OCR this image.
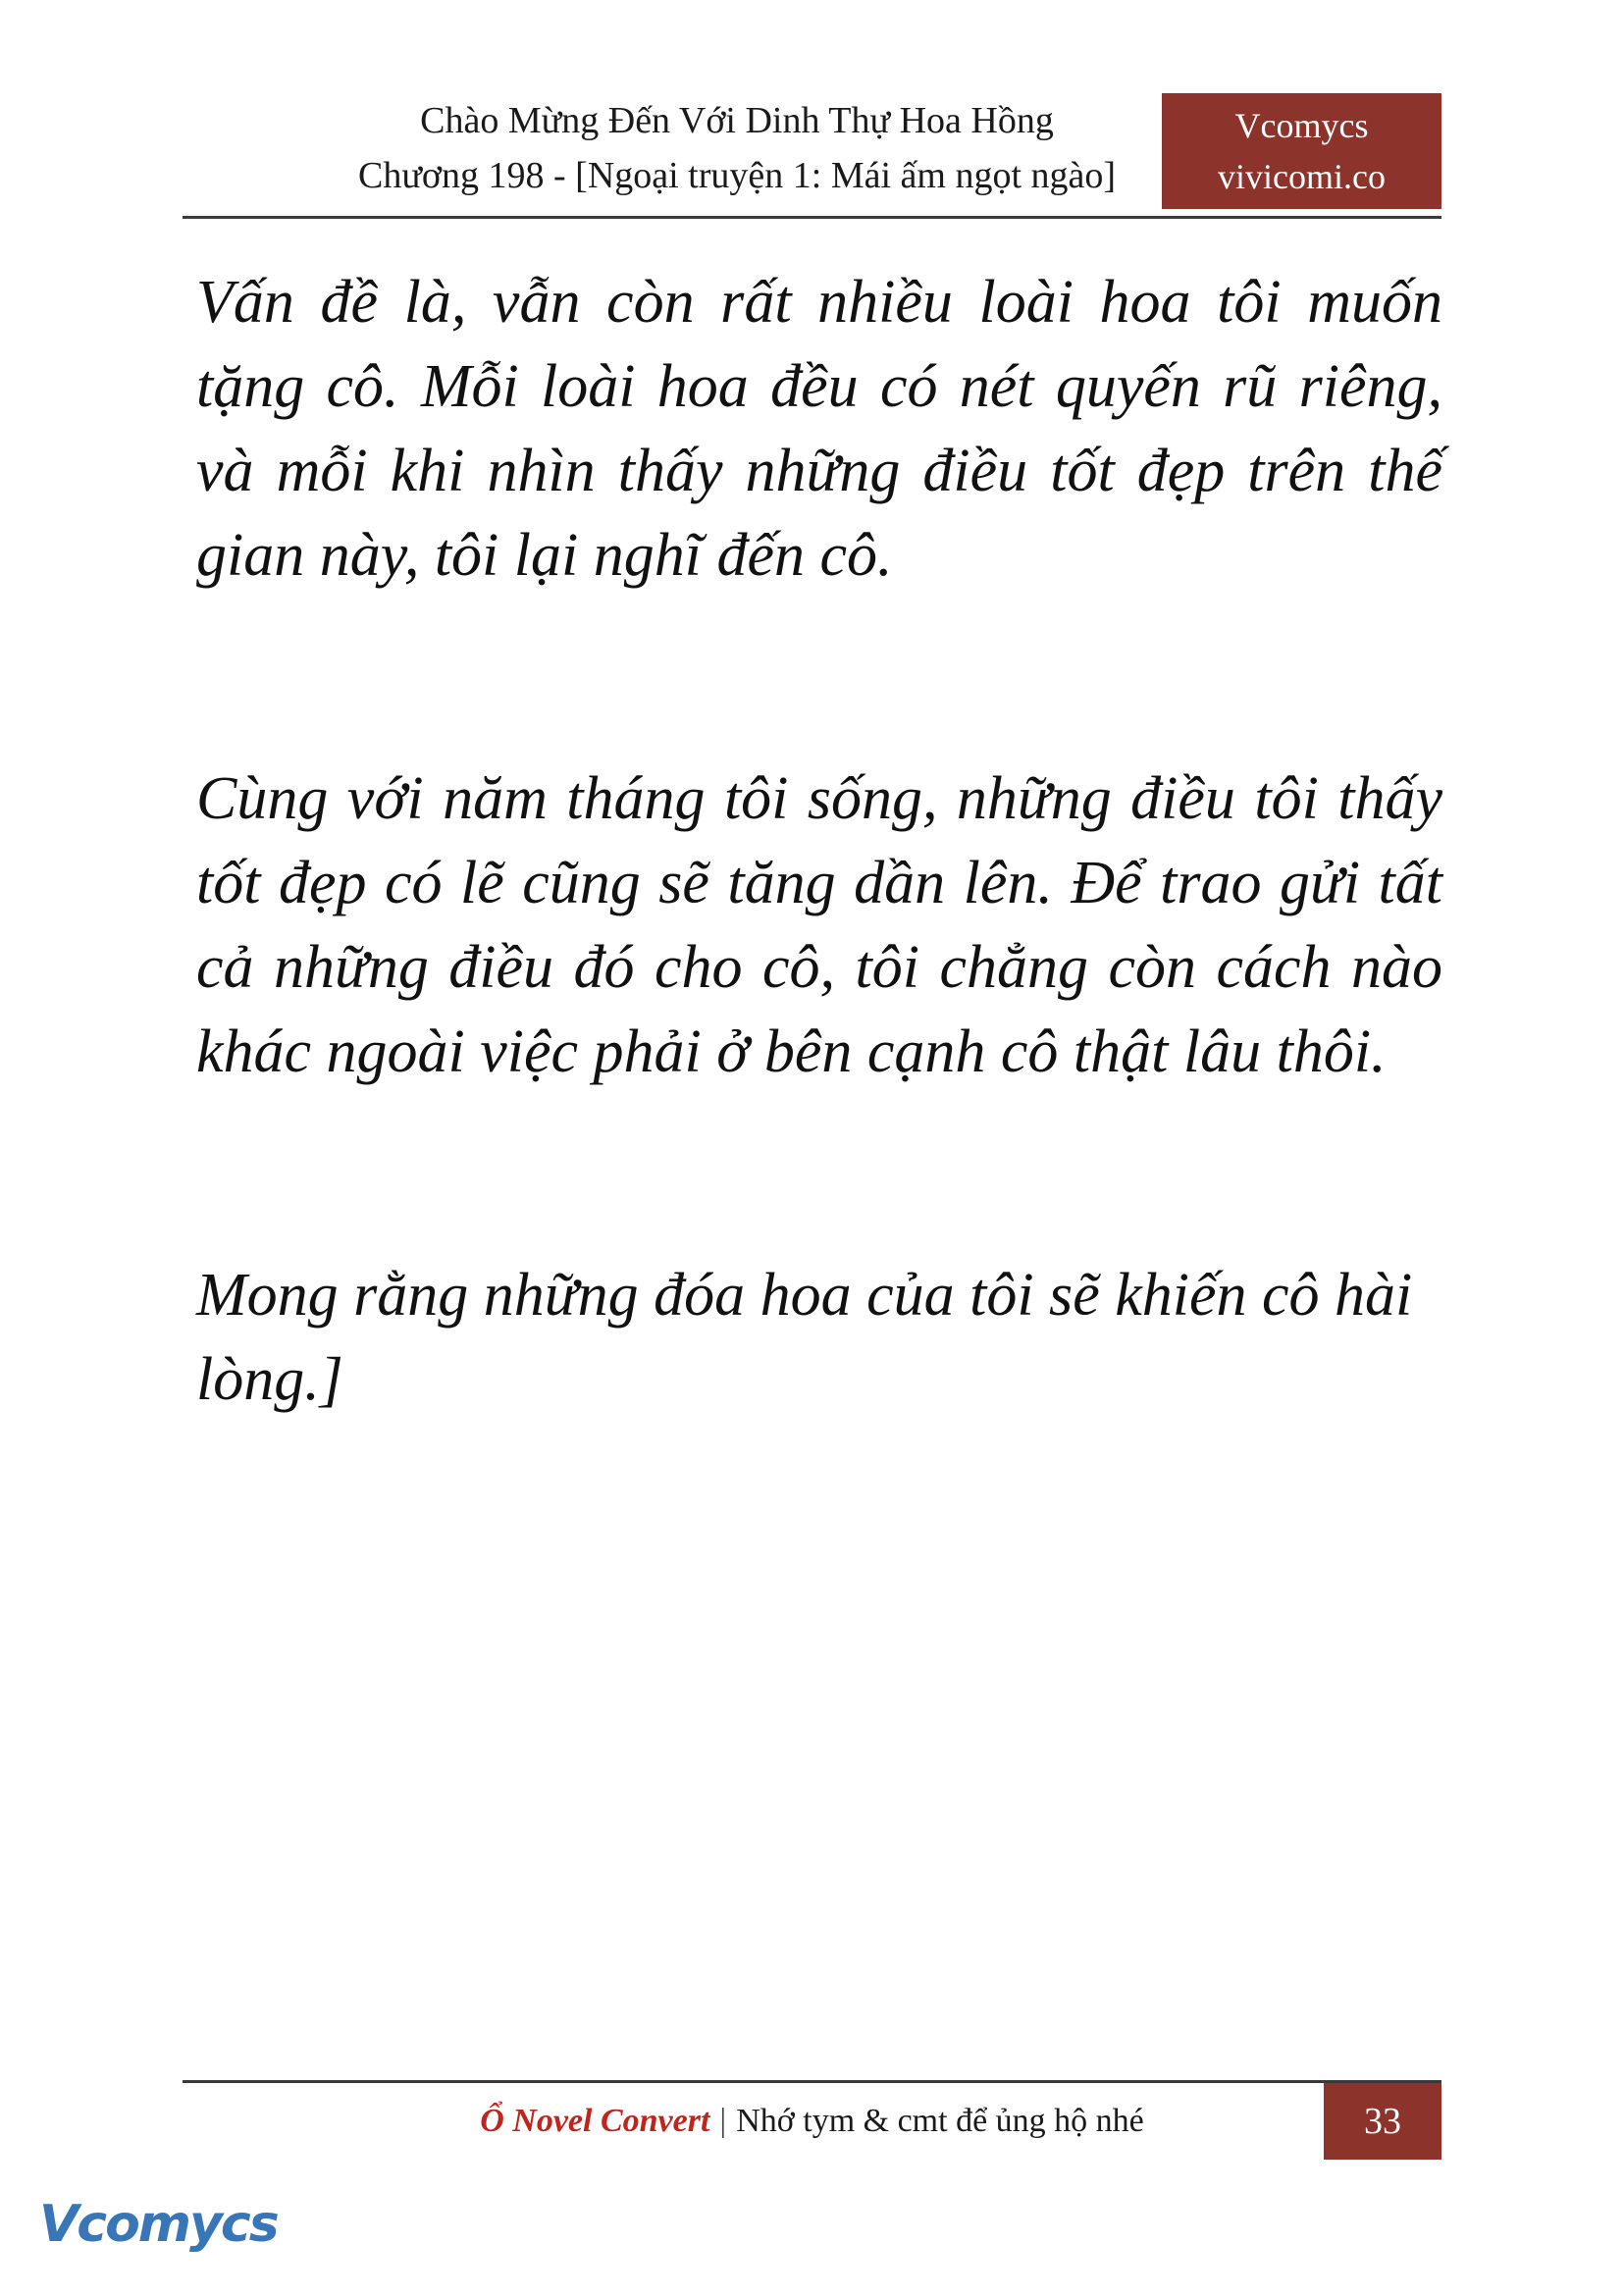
Chào Mừng Đến Với Dinh Thự Hoa Hồng
Chương 198 - [Ngoại truyện 1: Mái ấm ngọt ngào]
Vcomycs
vivicomi.co

Vấn đề là, vẫn còn rất nhiều loài hoa tôi muốn tặng cô. Mỗi loài hoa đều có nét quyến rũ riêng, và mỗi khi nhìn thấy những điều tốt đẹp trên thế gian này, tôi lại nghĩ đến cô.

Cùng với năm tháng tôi sống, những điều tôi thấy tốt đẹp có lẽ cũng sẽ tăng dần lên. Để trao gửi tất cả những điều đó cho cô, tôi chẳng còn cách nào khác ngoài việc phải ở bên cạnh cô thật lâu thôi.

Mong rằng những đóa hoa của tôi sẽ khiến cô hài lòng.]

Ổ Novel Convert | Nhớ tym & cmt để ủng hộ nhé	33
Vcomycs
